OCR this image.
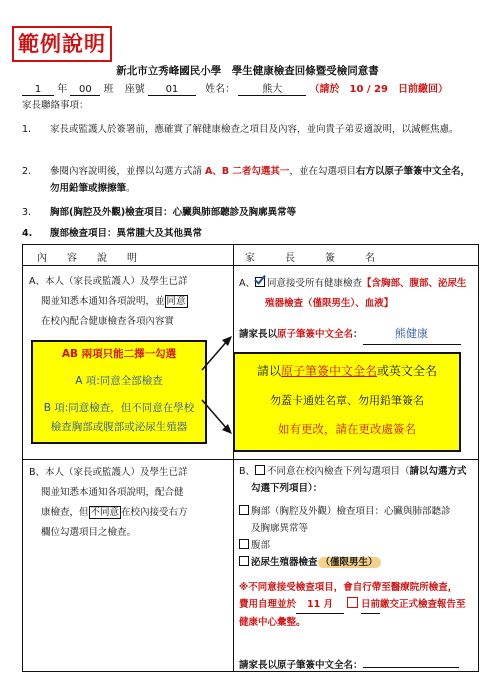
範例說明
新北市立秀峰國民小學　學生健康檢查回條暨受檢同意書
1 年 00 班 座號 01	姓名：	熊大	（請於　10 / 29　日前繳回）
家長聯絡事項：
1. 家長或監護人於簽署前，應確實了解健康檢查之項目及內容，並向貴子弟妥適說明，以減輕焦慮。
2. 參閱內容說明後，並擇以勾選方式請 A、B 二者勾選其一，並在勾選項目右方以原子筆簽中文全名，勿用鉛筆或擦擦筆。
3. 胸部(胸腔及外觀)檢查項目：心臟與肺部聽診及胸廓異常等
4. 腹部檢查項目：異常腫大及其他異常
內　　容　　說　　明	家　　　長　　　簽　　　名
A、本人（家長或監護人）及學生已詳
閱並知悉本通知各項說明，並 同意
在校內配合健康檢查各項內容實
A、 同意接受所有健康檢查【含胸部、腹部、泌尿生
殖器檢查（僅限男生）、血液】
請家長以原子筆簽中文全名：	熊健康
B、本人（家長或監護人）及學生已詳
閱並知悉本通知各項說明，配合健
康檢查，但 不同意 在校內接受右方
欄位勾選項目之檢查。
B、 不同意在校內檢查下列勾選項目（請以勾選方式
勾選下列項目）：
胸部（胸腔及外觀）檢查項目：心臟與肺部聽診
及胸廓異常等
腹部
泌尿生殖器檢查 （僅限男生）
※不同意接受檢查項目，會自行帶至醫療院所檢查，
費用自理並於 11 月	日前繳交正式檢查報告至
健康中心彙整。
請家長以原子筆簽中文全名：
AB 兩項只能二擇一勾選
A 項:同意全部檢查
B 項:同意檢查，但不同意在學校
檢查胸部或腹部或泌尿生殖器
請以原子筆簽中文全名或英文全名
勿蓋卡通姓名章、勿用鉛筆簽名
如有更改，請在更改處簽名
